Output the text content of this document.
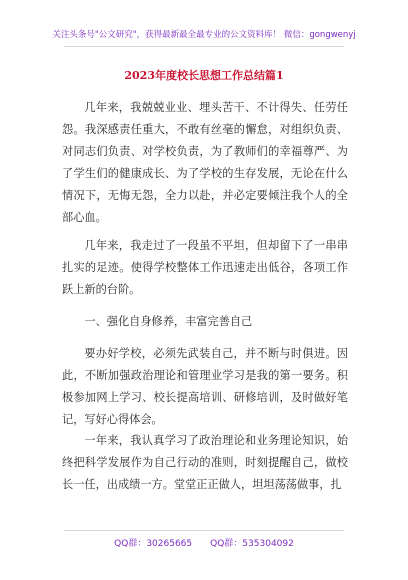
关注头条号"公文研究"，获得最新最全最专业的公文资料库！ 微信：gongwenyj
2023年度校长思想工作总结篇1

几年来，我兢兢业业、埋头苦干、不计得失、任劳任怨。我深感责任重大，不敢有丝毫的懈怠，对组织负责、对同志们负责、对学校负责，为了教师们的幸福尊严、为了学生们的健康成长、为了学校的生存发展，无论在什么情况下，无悔无怨，全力以赴，并必定要倾注我个人的全部心血。

几年来，我走过了一段虽不平坦，但却留下了一串串扎实的足迹。使得学校整体工作迅速走出低谷，各项工作跃上新的台阶。

一、强化自身修养，丰富完善自己

要办好学校，必须先武装自己，并不断与时俱进。因此，不断加强政治理论和管理业学习是我的第一要务。积极参加网上学习、校长提高培训、研修培训，及时做好笔记，写好心得体会。

一年来，我认真学习了政治理论和业务理论知识，始终把科学发展作为自己行动的准则，时刻提醒自己，做校长一任，出成绩一方。堂堂正正做人，坦坦荡荡做事，扎

QQ群：30265665 QQ群：535304092
